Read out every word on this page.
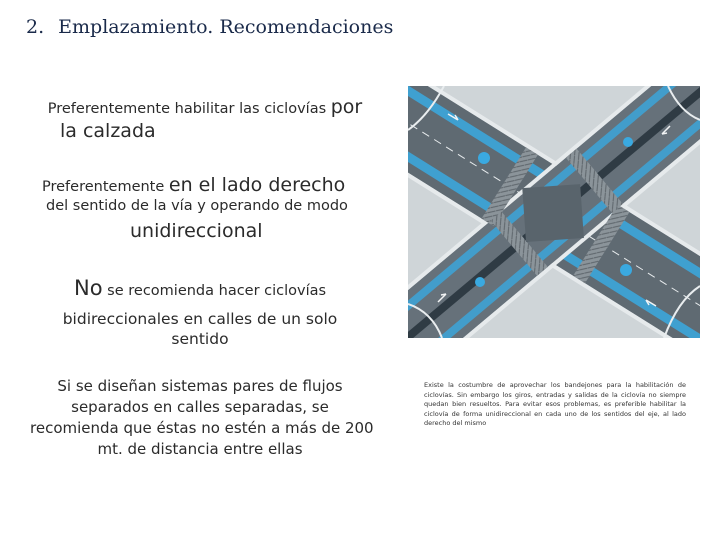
2. Emplazamiento. Recomendaciones
Preferentemente habilitar las ciclovías por
la calzada
Preferentemente en el lado derecho
del sentido de la vía y operando de modo
unidireccional
No se recomienda hacer ciclovías
bidireccionales en calles de un solo
sentido
Si se diseñan sistemas pares de flujos
separados en calles separadas, se
recomienda que éstas no estén a más de 200
mt. de distancia entre ellas
Existe la costumbre de aprovechar los bandejones para la habilitación de ciclovías. Sin embargo los giros, entradas y salidas de la ciclovía no siempre quedan bien resueltos. Para evitar esos problemas, es preferible habilitar la ciclovía de forma unidireccional en cada uno de los sentidos del eje, al lado derecho del mismo
